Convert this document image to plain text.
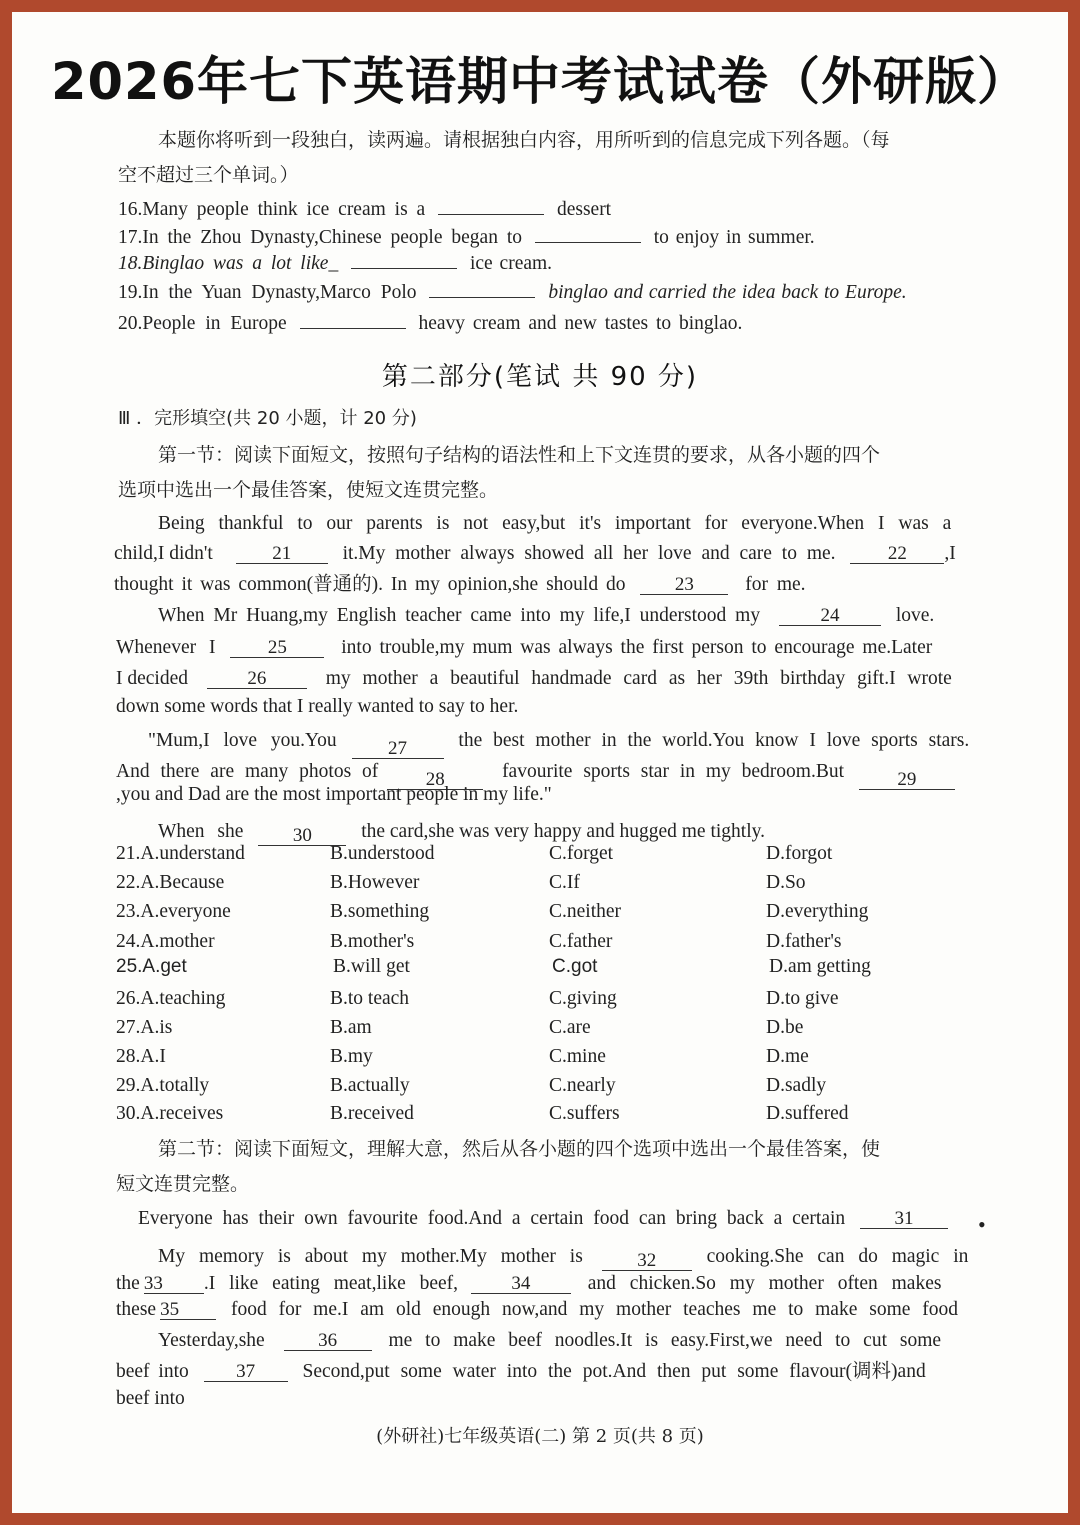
2026年七下英语期中考试试卷（外研版）
本题你将听到一段独白，读两遍。请根据独白内容，用所听到的信息完成下列各题。（每
空不超过三个单词。）
16.Many people think ice cream is a	dessert
17.In the Zhou Dynasty,Chinese people began to	to enjoy in summer.
18.Binglao was a lot like_	ice cream.
19.In the Yuan Dynasty,Marco Polo	binglao and carried the idea back to Europe.
20.People in Europe	heavy cream and new tastes to binglao.
第二部分(笔试 共 90 分)
Ⅲ ．完形填空(共 20 小题，计 20 分)
第一节：阅读下面短文，按照句子结构的语法性和上下文连贯的要求，从各小题的四个
选项中选出一个最佳答案，使短文连贯完整。
Being thankful to our parents is not easy,but it's important for everyone.When I was a
child,I didn't	21	it.My mother always showed all her love and care to me.	22 ,I
thought it was common(普通的). In my opinion,she should do	23	for me.
When Mr Huang,my English teacher came into my life,I understood my	24	love.
Whenever I	25	into trouble,my mum was always the first person to encourage me.Later
I decided	26	my mother a beautiful handmade card as her 39th birthday gift.I wrote
down some words that I really wanted to say to her.
"Mum,I love you.You	27	the best mother in the world.You know I love sports stars.
And there are many photos of 28	favourite sports star in my bedroom.But	29
,you and Dad are the most important people in my life."
When she	30	the card,she was very happy and hugged me tightly.
21.A.understand	B.understood	C.forget	D.forgot
22.A.Because	B.However	C.If	D.So
23.A.everyone	B.something	C.neither	D.everything
24.A.mother	B.mother's	C.father	D.father's
25.A.get	B.will get	C.got	D.am getting
26.A.teaching	B.to teach	C.giving	D.to give
27.A.is	B.am	C.are	D.be
28.A.I	B.my	C.mine	D.me
29.A.totally	B.actually	C.nearly	D.sadly
30.A.receives	B.received	C.suffers	D.suffered
第二节：阅读下面短文，理解大意，然后从各小题的四个选项中选出一个最佳答案，使
短文连贯完整。
Everyone has their own favourite food.And a certain food can bring back a certain	31	•
My memory is about my mother.My mother is	32	cooking.She can do magic in
the 33 .I like eating meat,like beef,	34	and chicken.So my mother often makes
these 35	food for me.I am old enough now,and my mother teaches me to make some food
Yesterday,she	36	me to make beef noodles.It is easy.First,we need to cut some
beef into 37 Second,put some water into the pot.And then put some flavour(调料)and
beef into
(外研社)七年级英语(二) 第 2 页(共 8 页)
